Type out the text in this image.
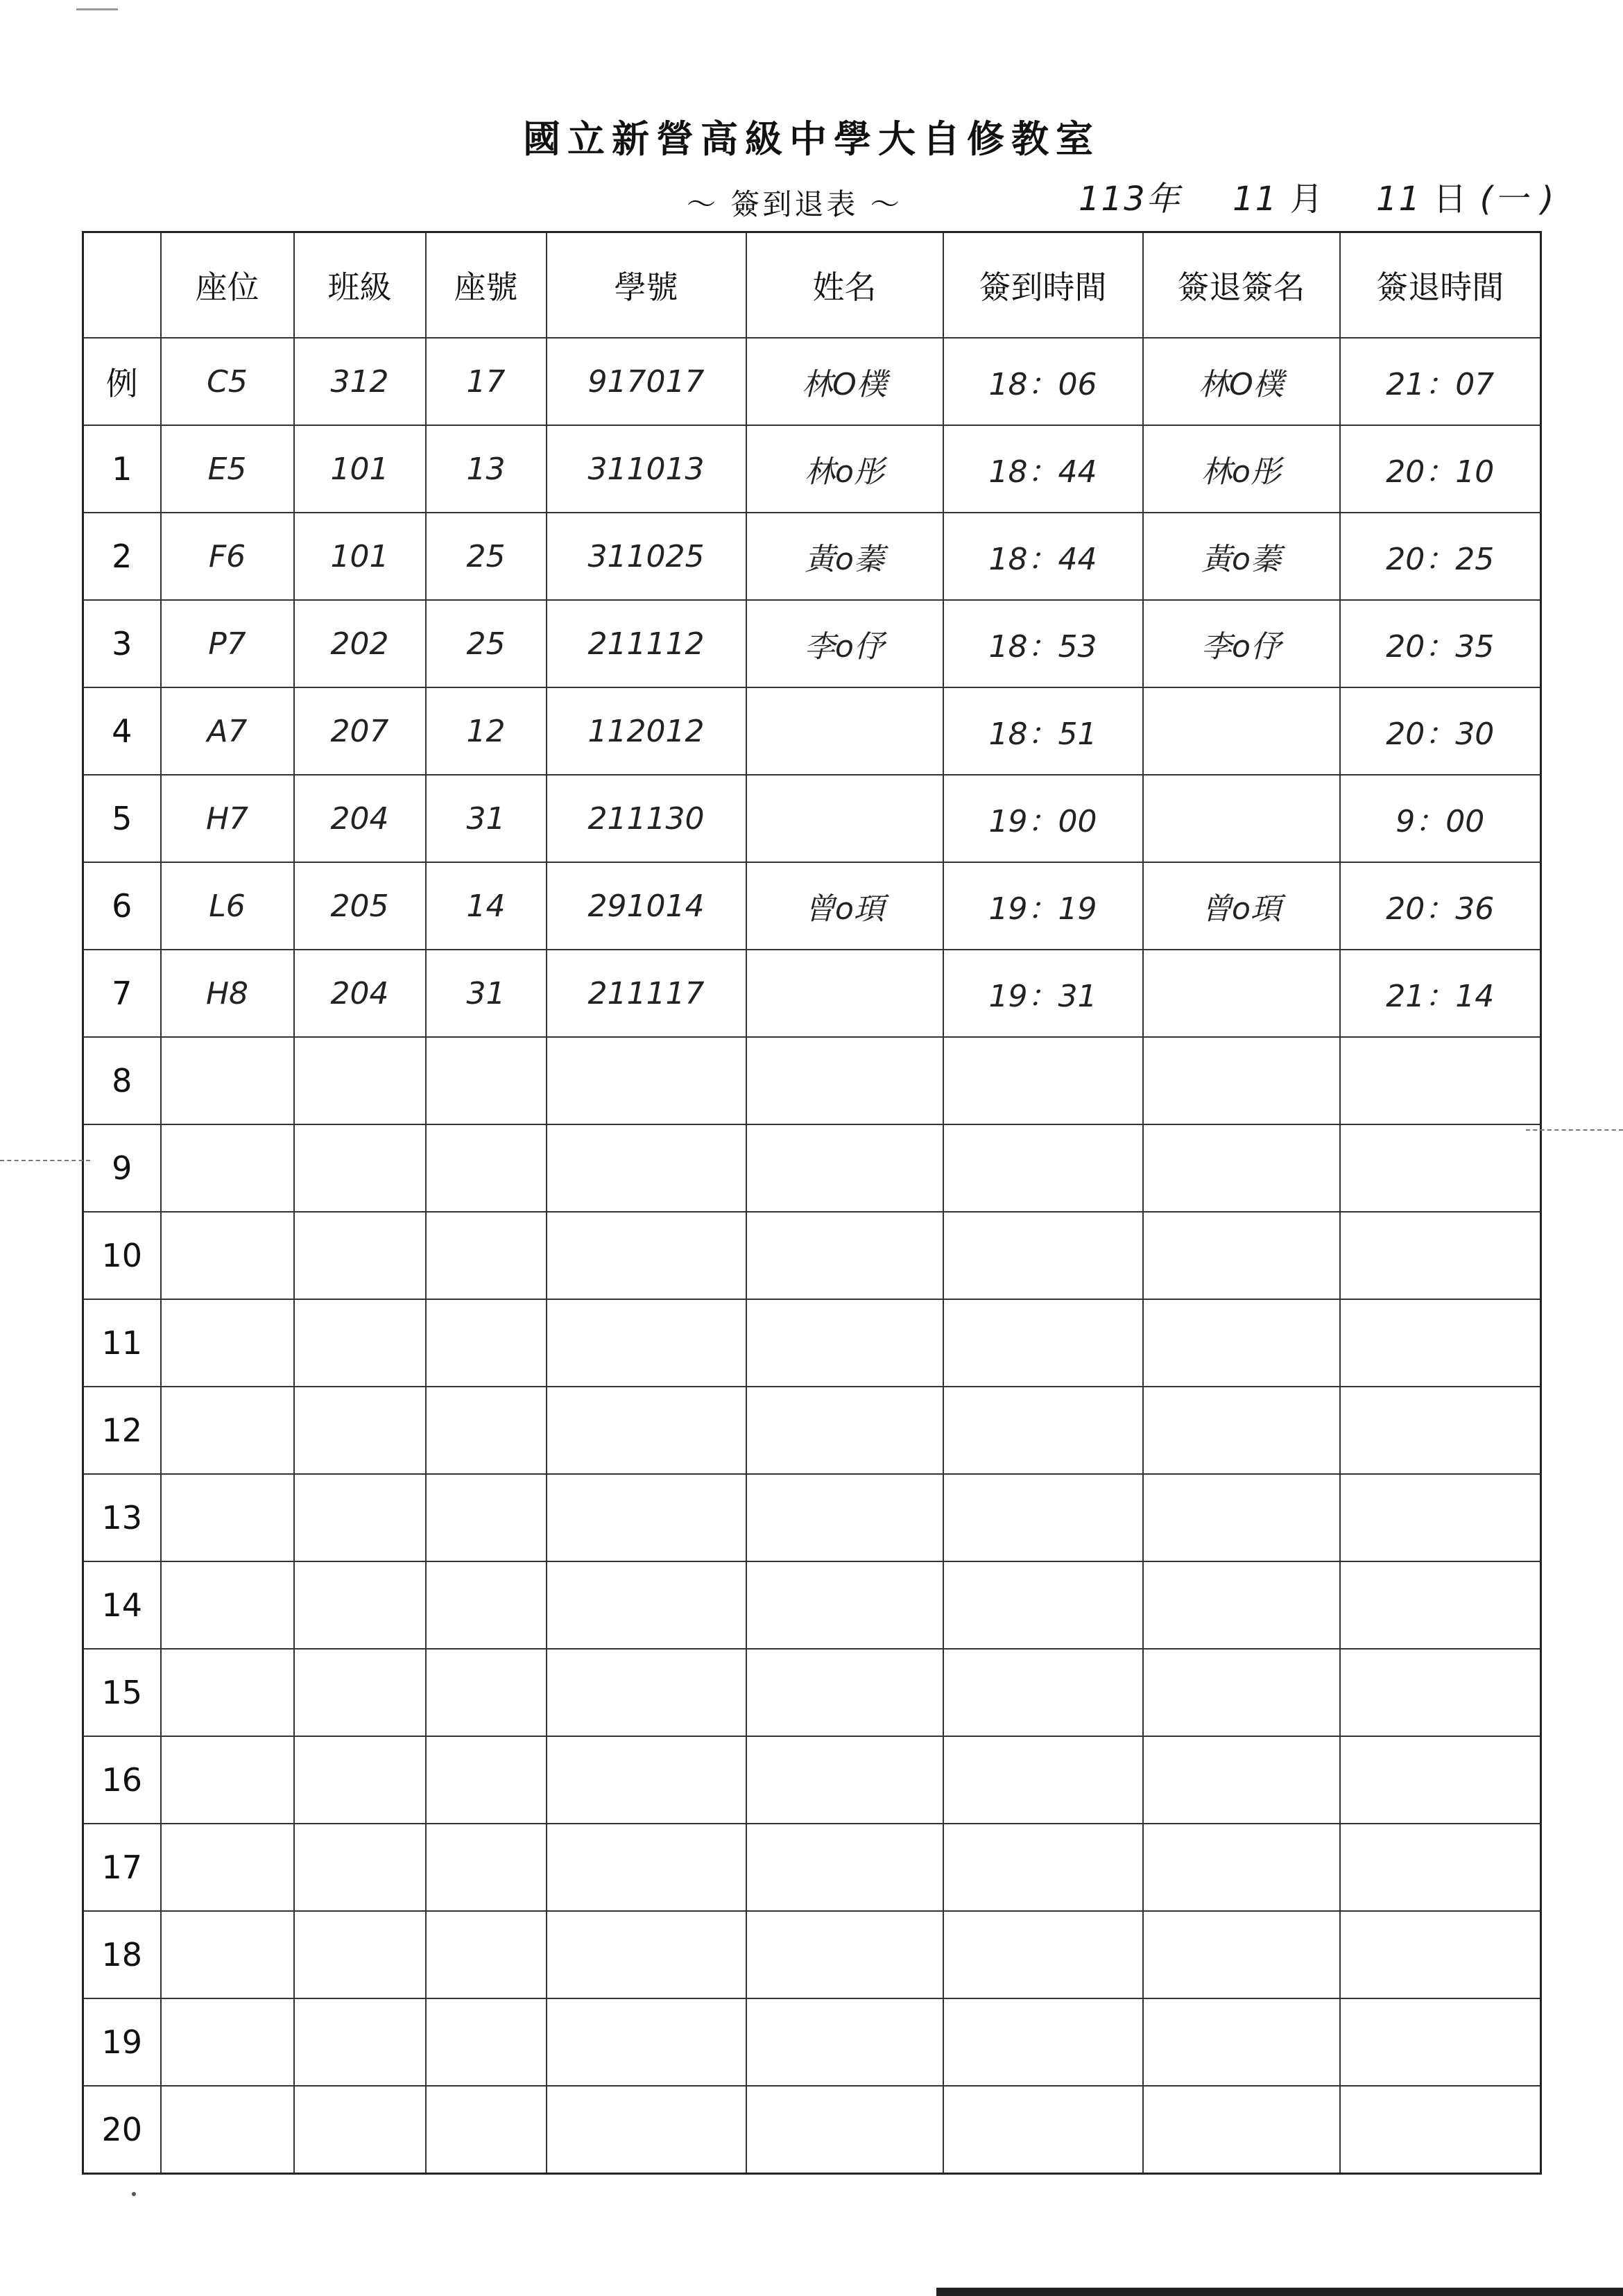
國立新營高級中學大自修教室
～ 簽到退表 ～	113年 11 月 11 日 (一 )
	座位	班級	座號	學號	姓名	簽到時間	簽退簽名	簽退時間
例	C5	312	17	917017	林O樸	18：06	林O樸	21：07
1	E5	101	13	311013	林o彤	18：44	林o彤	20：10
2	F6	101	25	311025	黃o蓁	18：44	黃o蓁	20：25
3	P7	202	25	211112	李o伃	18：53	李o伃	20：35
4	A7	207	12	112012		18：51		20：30
5	H7	204	31	211130		19：00		9：00
6	L6	205	14	291014	曾o頊	19：19	曾o頊	20：36
7	H8	204	31	211117		19：31		21：14
8								
9								
10								
11								
12								
13								
14								
15								
16								
17								
18								
19								
20								
